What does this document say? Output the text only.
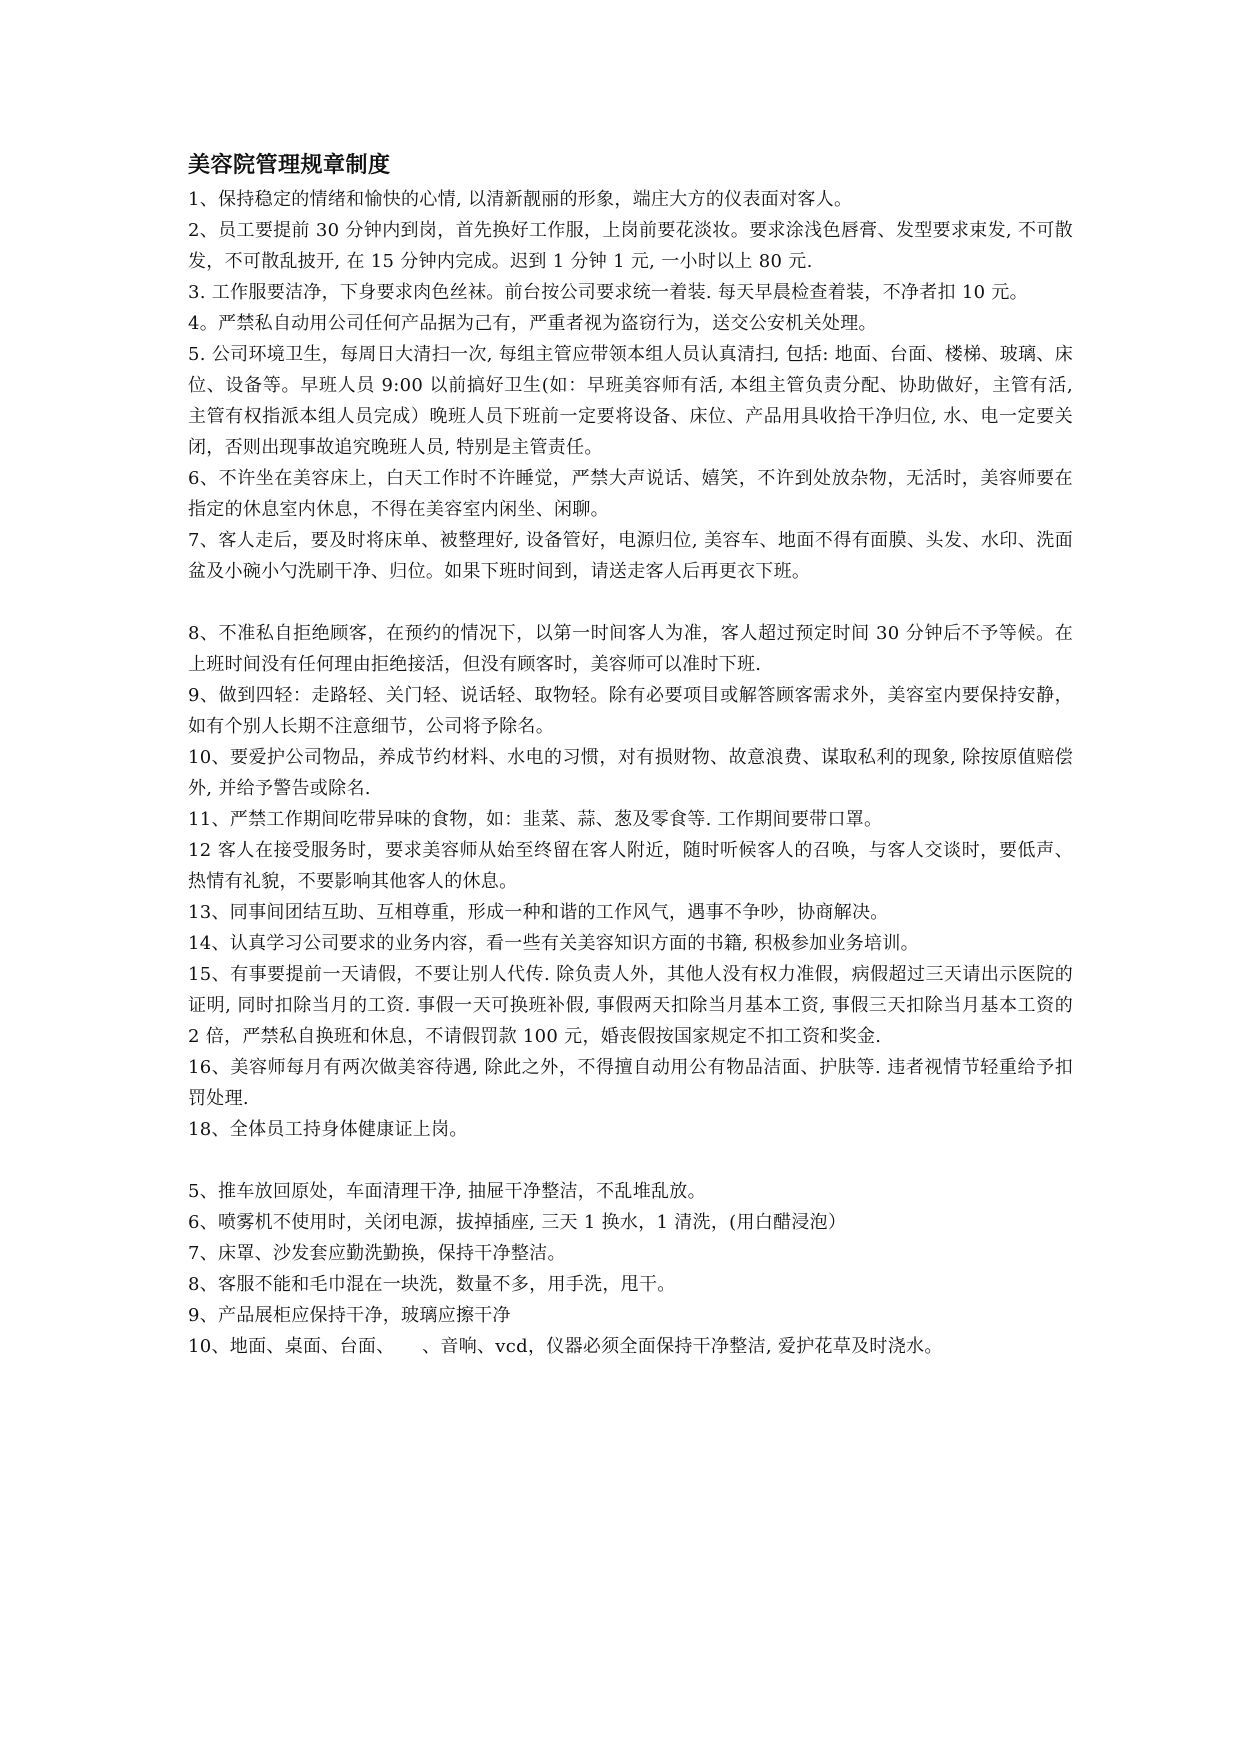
美容院管理规章制度

1、保持稳定的情绪和愉快的心情, 以清新靓丽的形象，端庄大方的仪表面对客人。

2、员工要提前 30 分钟内到岗，首先换好工作服，上岗前要花淡妆。要求涂浅色唇膏、发型要求束发, 不可散发，不可散乱披开, 在 15 分钟内完成。迟到 1 分钟 1 元, 一小时以上 80 元.

3. 工作服要洁净，下身要求肉色丝袜。前台按公司要求统一着装. 每天早晨检查着装，不净者扣 10 元。

4。严禁私自动用公司任何产品据为己有，严重者视为盗窃行为，送交公安机关处理。

5. 公司环境卫生，每周日大清扫一次, 每组主管应带领本组人员认真清扫, 包括: 地面、台面、楼梯、玻璃、床位、设备等。早班人员 9:00 以前搞好卫生(如：早班美容师有活, 本组主管负责分配、协助做好，主管有活, 主管有权指派本组人员完成）晚班人员下班前一定要将设备、床位、产品用具收拾干净归位, 水、电一定要关闭，否则出现事故追究晚班人员, 特别是主管责任。

6、不许坐在美容床上，白天工作时不许睡觉，严禁大声说话、嬉笑，不许到处放杂物，无活时，美容师要在指定的休息室内休息，不得在美容室内闲坐、闲聊。

7、客人走后，要及时将床单、被整理好, 设备管好，电源归位, 美容车、地面不得有面膜、头发、水印、洗面盆及小碗小勺洗刷干净、归位。如果下班时间到，请送走客人后再更衣下班。

8、不准私自拒绝顾客，在预约的情况下，以第一时间客人为准，客人超过预定时间 30 分钟后不予等候。在上班时间没有任何理由拒绝接活，但没有顾客时，美容师可以准时下班.

9、做到四轻：走路轻、关门轻、说话轻、取物轻。除有必要项目或解答顾客需求外，美容室内要保持安静，如有个别人长期不注意细节，公司将予除名。

10、要爱护公司物品，养成节约材料、水电的习惯，对有损财物、故意浪费、谋取私利的现象, 除按原值赔偿外, 并给予警告或除名.

11、严禁工作期间吃带异味的食物，如：韭菜、蒜、葱及零食等. 工作期间要带口罩。

12 客人在接受服务时，要求美容师从始至终留在客人附近，随时听候客人的召唤，与客人交谈时，要低声、热情有礼貌，不要影响其他客人的休息。

13、同事间团结互助、互相尊重，形成一种和谐的工作风气，遇事不争吵，协商解决。

14、认真学习公司要求的业务内容，看一些有关美容知识方面的书籍, 积极参加业务培训。

15、有事要提前一天请假，不要让别人代传. 除负责人外，其他人没有权力准假，病假超过三天请出示医院的证明, 同时扣除当月的工资. 事假一天可换班补假, 事假两天扣除当月基本工资, 事假三天扣除当月基本工资的 2 倍，严禁私自换班和休息，不请假罚款 100 元，婚丧假按国家规定不扣工资和奖金.

16、美容师每月有两次做美容待遇, 除此之外，不得擅自动用公有物品洁面、护肤等. 违者视情节轻重给予扣罚处理.

18、全体员工持身体健康证上岗。

5、推车放回原处，车面清理干净, 抽屉干净整洁，不乱堆乱放。

6、喷雾机不使用时，关闭电源，拔掉插座, 三天 1 换水，1 清洗，(用白醋浸泡）

7、床罩、沙发套应勤洗勤换，保持干净整洁。

8、客服不能和毛巾混在一块洗，数量不多，用手洗，甩干。

9、产品展柜应保持干净，玻璃应擦干净

10、地面、桌面、台面、　　、音响、vcd，仪器必须全面保持干净整洁, 爱护花草及时浇水。
